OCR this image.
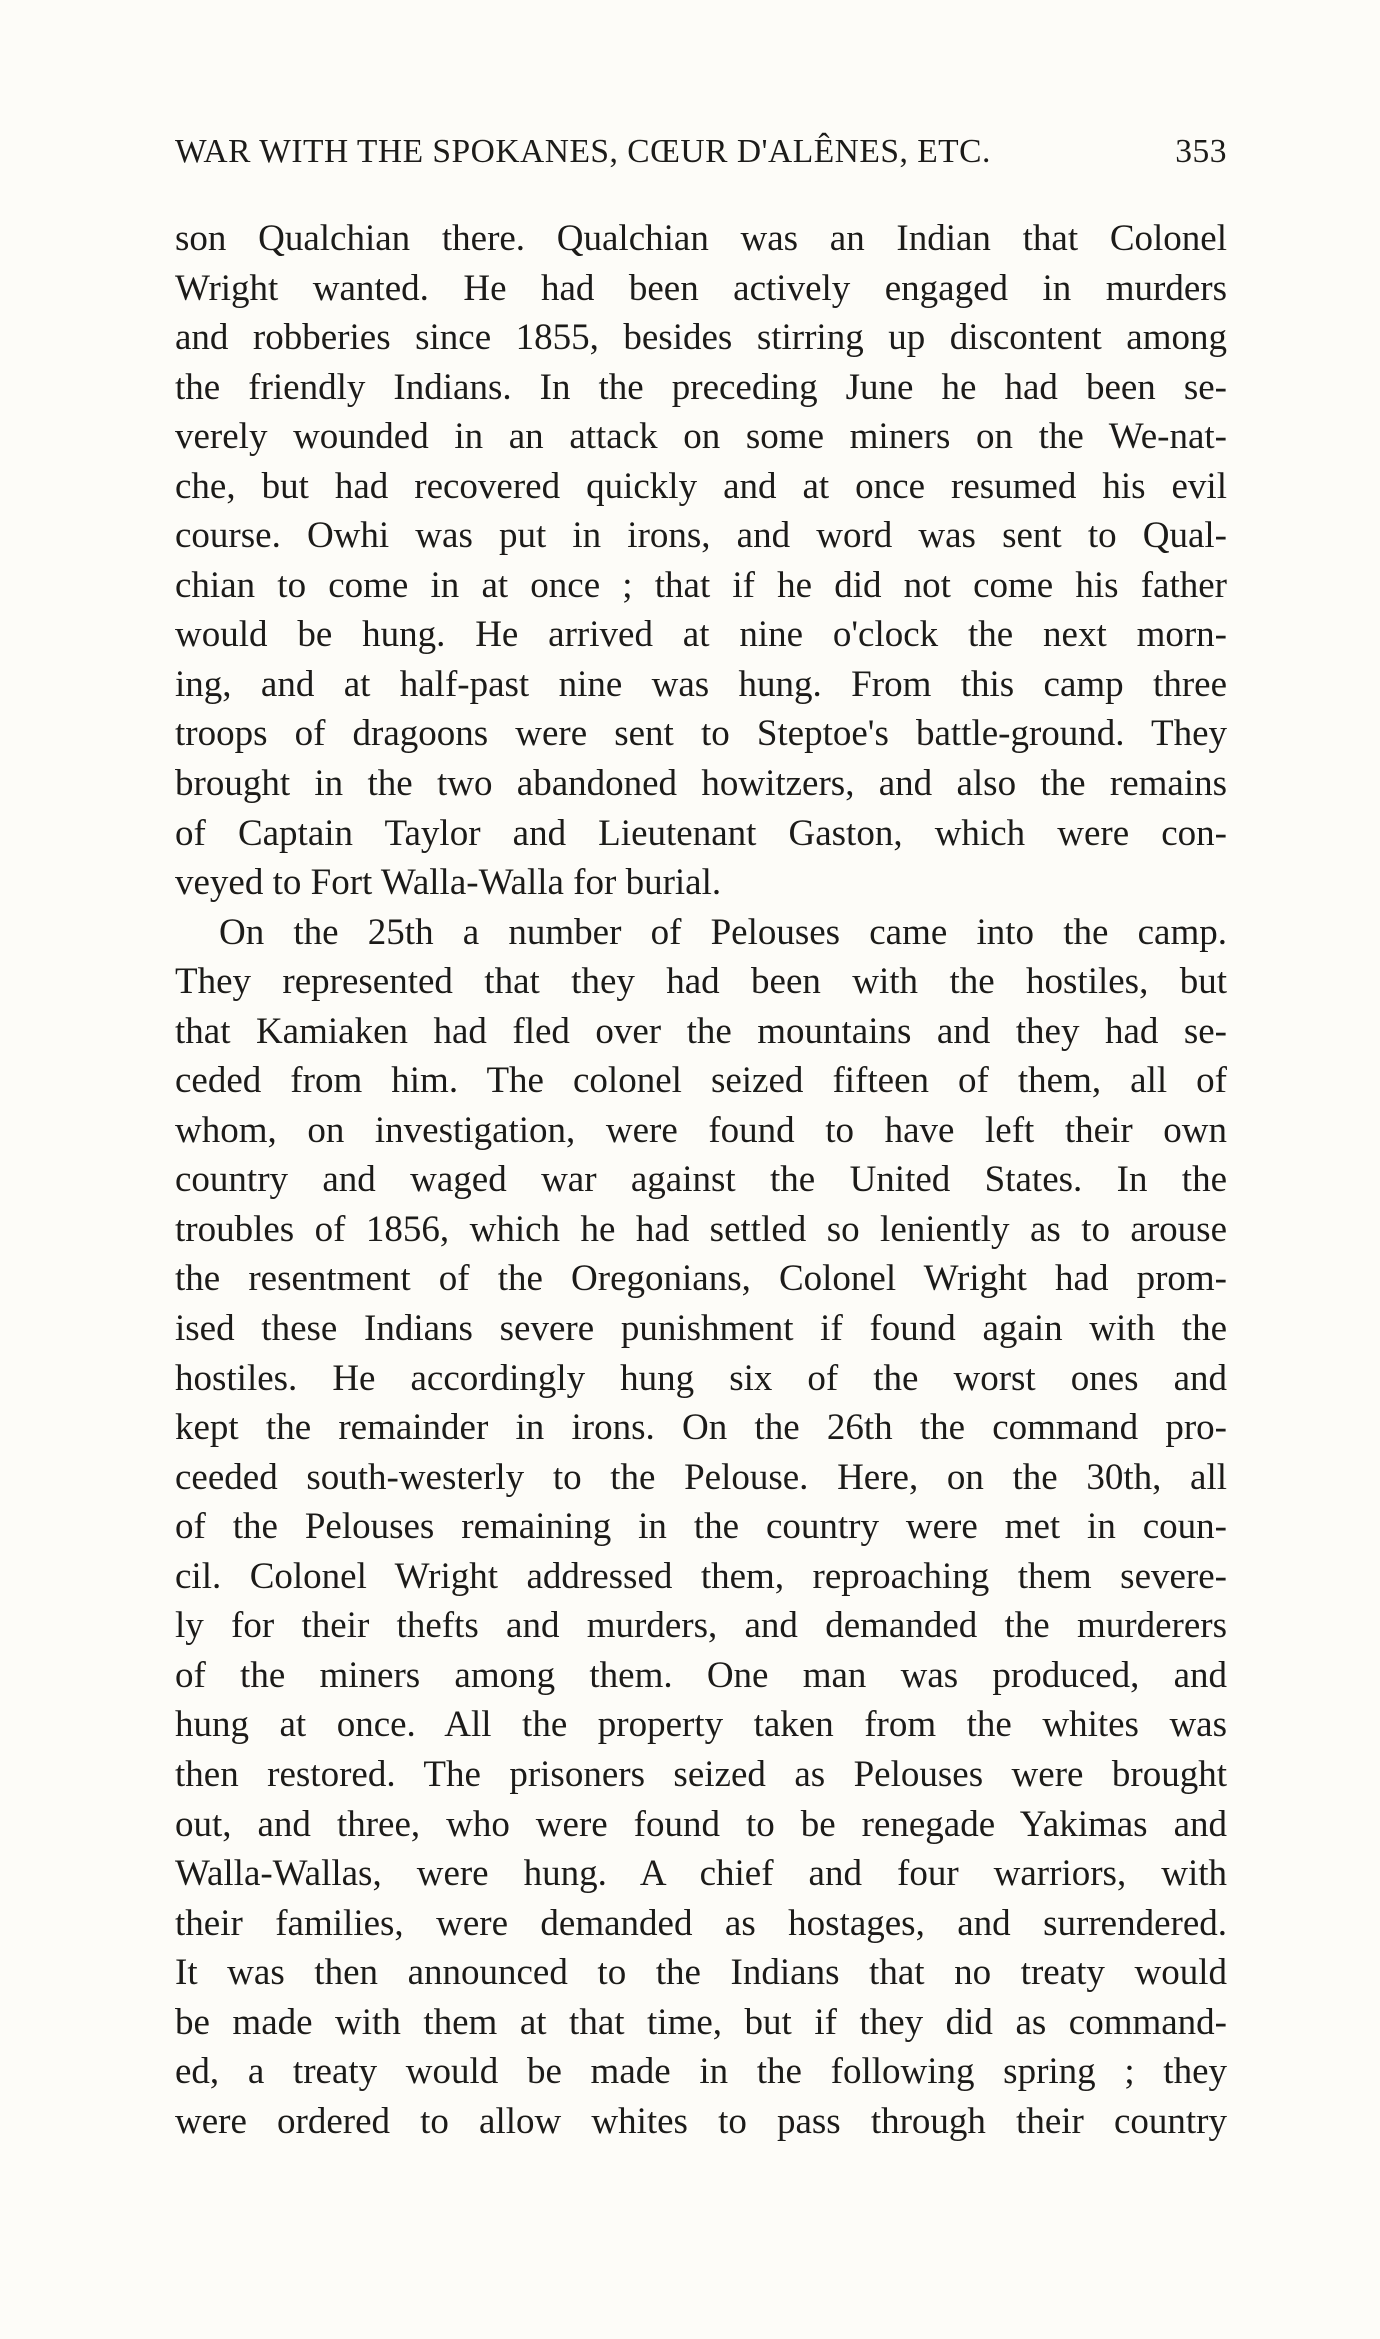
WAR WITH THE SPOKANES, CŒUR D'ALÊNES, ETC.	353
son Qualchian there. Qualchian was an Indian that Colonel
Wright wanted. He had been actively engaged in murders
and robberies since 1855, besides stirring up discontent among
the friendly Indians. In the preceding June he had been se-
verely wounded in an attack on some miners on the We-nat-
che, but had recovered quickly and at once resumed his evil
course. Owhi was put in irons, and word was sent to Qual-
chian to come in at once ; that if he did not come his father
would be hung. He arrived at nine o'clock the next morn-
ing, and at half-past nine was hung. From this camp three
troops of dragoons were sent to Steptoe's battle-ground. They
brought in the two abandoned howitzers, and also the remains
of Captain Taylor and Lieutenant Gaston, which were con-
veyed to Fort Walla-Walla for burial.
On the 25th a number of Pelouses came into the camp.
They represented that they had been with the hostiles, but
that Kamiaken had fled over the mountains and they had se-
ceded from him. The colonel seized fifteen of them, all of
whom, on investigation, were found to have left their own
country and waged war against the United States. In the
troubles of 1856, which he had settled so leniently as to arouse
the resentment of the Oregonians, Colonel Wright had prom-
ised these Indians severe punishment if found again with the
hostiles. He accordingly hung six of the worst ones and
kept the remainder in irons. On the 26th the command pro-
ceeded south-westerly to the Pelouse. Here, on the 30th, all
of the Pelouses remaining in the country were met in coun-
cil. Colonel Wright addressed them, reproaching them severe-
ly for their thefts and murders, and demanded the murderers
of the miners among them. One man was produced, and
hung at once. All the property taken from the whites was
then restored. The prisoners seized as Pelouses were brought
out, and three, who were found to be renegade Yakimas and
Walla-Wallas, were hung. A chief and four warriors, with
their families, were demanded as hostages, and surrendered.
It was then announced to the Indians that no treaty would
be made with them at that time, but if they did as command-
ed, a treaty would be made in the following spring ; they
were ordered to allow whites to pass through their country
